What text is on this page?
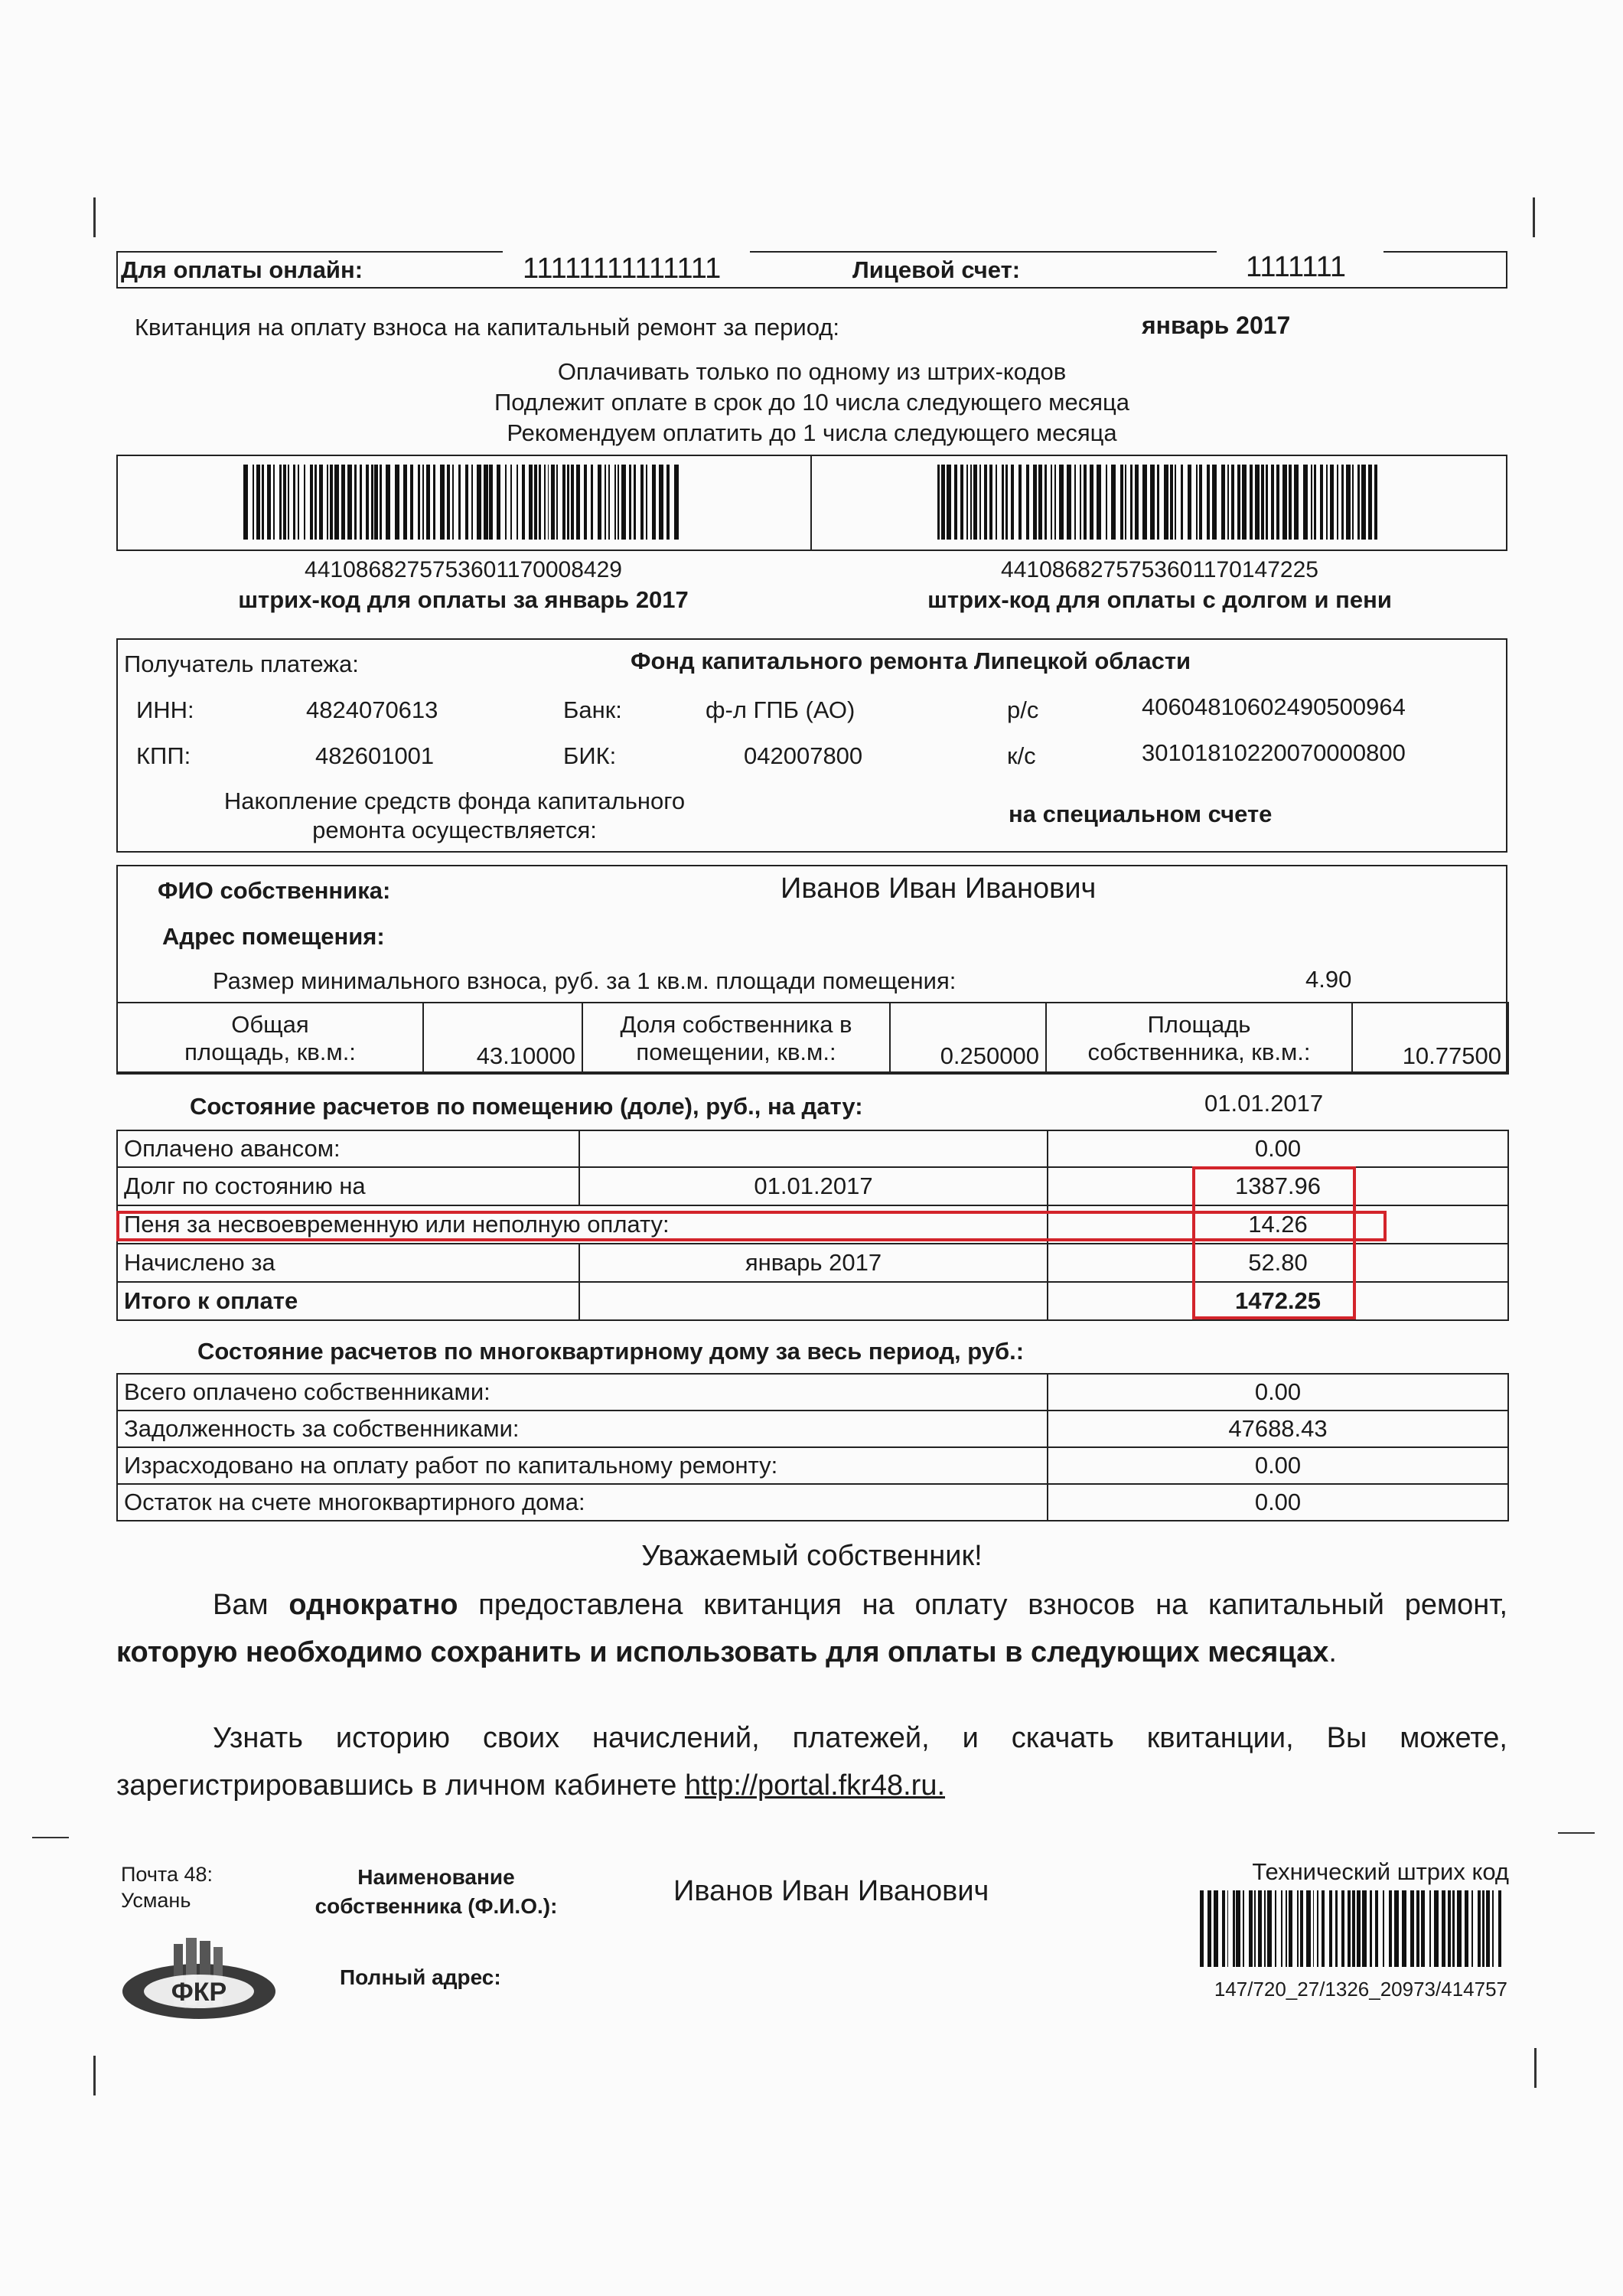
Для оплаты онлайн:	11111111111111	Лицевой счет:	1111111
Квитанция на оплату взноса на капитальный ремонт за период:	январь 2017
Оплачивать только по одному из штрих-кодов
Подлежит оплате в срок до 10 числа следующего месяца
Рекомендуем оплатить до 1 числа следующего месяца
4410868275753601170008429
штрих-код для оплаты за январь 2017
4410868275753601170147225
штрих-код для оплаты с долгом и пени
Получатель платежа:	Фонд капитального ремонта Липецкой области
ИНН:	4824070613	Банк:	ф-л ГПБ (АО)	р/с	40604810602490500964
КПП:	482601001	БИК:	042007800	к/с	30101810220070000800
Накопление средств фонда капитального
ремонта осуществляется:
на специальном счете
ФИО собственника:	Иванов Иван Иванович
Адрес помещения:
Размер минимального взноса, руб. за 1 кв.м. площади помещения:	4.90
Общая
площадь, кв.м.:	43.10000	
Доля собственника в
помещении, кв.м.:	0.250000	
Площадь
собственника, кв.м.:	10.77500
Состояние расчетов по помещению (доле), руб., на дату:	01.01.2017
Оплачено авансом:		0.00
Долг по состоянию на	01.01.2017	1387.96
Пеня за несвоевременную или неполную оплату:		14.26
Начислено за	январь 2017	52.80
Итого к оплате		1472.25
Состояние расчетов по многоквартирному дому за весь период, руб.:
Всего оплачено собственниками:	0.00
Задолженность за собственниками:	47688.43
Израсходовано на оплату работ по капитальному ремонту:	0.00
Остаток на счете многоквартирного дома:	0.00
Уважаемый собственник!
Вам однократно предоставлена квитанция на оплату взносов на капитальный ремонт, которую необходимо сохранить и использовать для оплаты в следующих месяцах.
Узнать историю своих начислений, платежей, и скачать квитанции, Вы можете, зарегистрировавшись в личном кабинете http://portal.fkr48.ru.
Почта 48:
Усмань
Наименование
собственника (Ф.И.О.):	Иванов Иван Иванович
Полный адрес:
ФКР
Технический штрих код
147/720_27/1326_20973/414757
